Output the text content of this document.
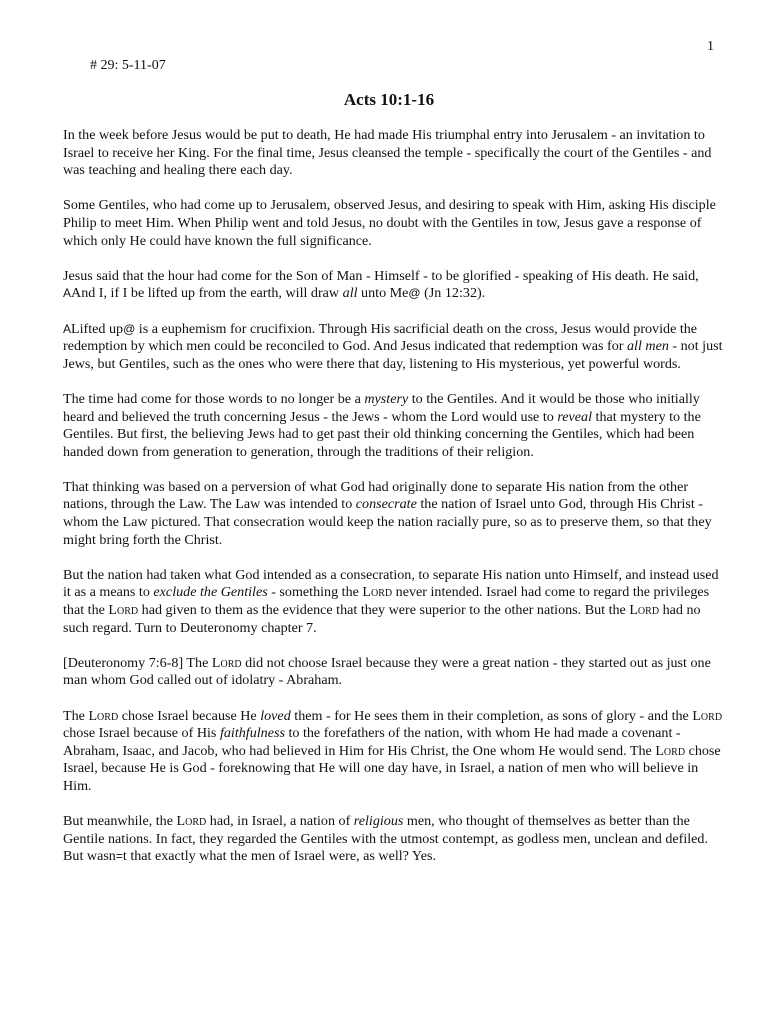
1
# 29: 5-11-07
Acts 10:1-16

In the week before Jesus would be put to death, He had made His triumphal entry into Jerusalem - an invitation to Israel to receive her King. For the final time, Jesus cleansed the temple - specifically the court of the Gentiles - and was teaching and healing there each day.

Some Gentiles, who had come up to Jerusalem, observed Jesus, and desiring to speak with Him, asking His disciple Philip to meet Him. When Philip went and told Jesus, no doubt with the Gentiles in tow, Jesus gave a response of which only He could have known the full significance.

Jesus said that the hour had come for the Son of Man - Himself - to be glorified - speaking of His death. He said, AAnd I, if I be lifted up from the earth, will draw all unto Me@ (Jn 12:32).

ALifted up@ is a euphemism for crucifixion. Through His sacrificial death on the cross, Jesus would provide the redemption by which men could be reconciled to God. And Jesus indicated that redemption was for all men - not just Jews, but Gentiles, such as the ones who were there that day, listening to His mysterious, yet powerful words.

The time had come for those words to no longer be a mystery to the Gentiles. And it would be those who initially heard and believed the truth concerning Jesus - the Jews - whom the Lord would use to reveal that mystery to the Gentiles. But first, the believing Jews had to get past their old thinking concerning the Gentiles, which had been handed down from generation to generation, through the traditions of their religion.

That thinking was based on a perversion of what God had originally done to separate His nation from the other nations, through the Law. The Law was intended to consecrate the nation of Israel unto God, through His Christ - whom the Law pictured. That consecration would keep the nation racially pure, so as to preserve them, so that they might bring forth the Christ.

But the nation had taken what God intended as a consecration, to separate His nation unto Himself, and instead used it as a means to exclude the Gentiles - something the Lord never intended. Israel had come to regard the privileges that the Lord had given to them as the evidence that they were superior to the other nations. But the Lord had no such regard. Turn to Deuteronomy chapter 7.

[Deuteronomy 7:6-8] The Lord did not choose Israel because they were a great nation - they started out as just one man whom God called out of idolatry - Abraham.

The Lord chose Israel because He loved them - for He sees them in their completion, as sons of glory - and the Lord chose Israel because of His faithfulness to the forefathers of the nation, with whom He had made a covenant - Abraham, Isaac, and Jacob, who had believed in Him for His Christ, the One whom He would send. The Lord chose Israel, because He is God - foreknowing that He will one day have, in Israel, a nation of men who will believe in Him.

But meanwhile, the Lord had, in Israel, a nation of religious men, who thought of themselves as better than the Gentile nations. In fact, they regarded the Gentiles with the utmost contempt, as godless men, unclean and defiled. But wasn=t that exactly what the men of Israel were, as well? Yes.
